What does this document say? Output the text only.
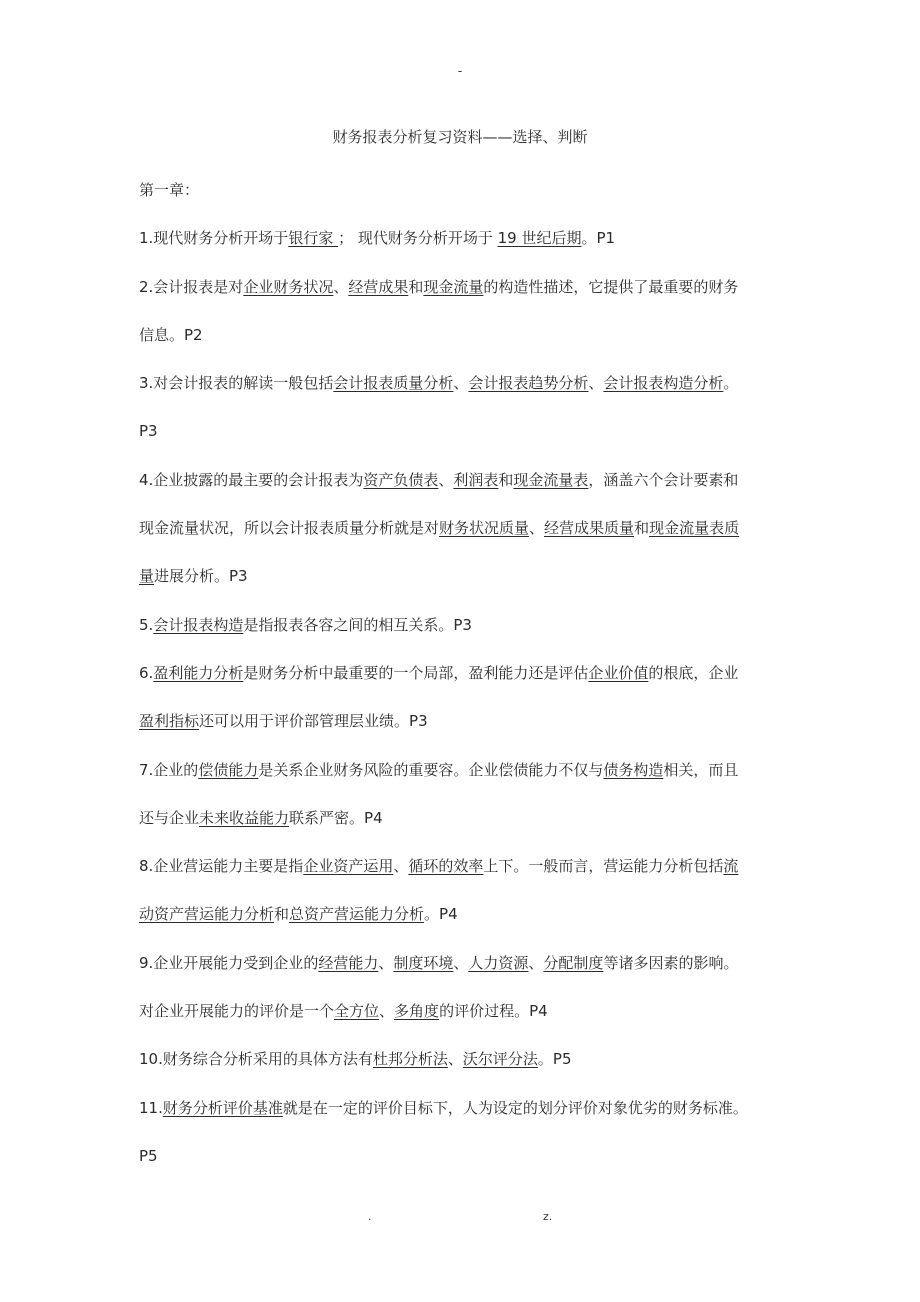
-
财务报表分析复习资料——选择、判断
第一章：
1.现代财务分析开场于银行家 ； 现代财务分析开场于 19 世纪后期。P1
2.会计报表是对企业财务状况、经营成果和现金流量的构造性描述，它提供了最重要的财务
信息。P2
3.对会计报表的解读一般包括会计报表质量分析、会计报表趋势分析、会计报表构造分析。
P3
4.企业披露的最主要的会计报表为资产负债表、利润表和现金流量表，涵盖六个会计要素和
现金流量状况，所以会计报表质量分析就是对财务状况质量、经营成果质量和现金流量表质
量进展分析。P3
5.会计报表构造是指报表各容之间的相互关系。P3
6.盈利能力分析是财务分析中最重要的一个局部，盈利能力还是评估企业价值的根底，企业
盈利指标还可以用于评价部管理层业绩。P3
7.企业的偿债能力是关系企业财务风险的重要容。企业偿债能力不仅与债务构造相关，而且
还与企业未来收益能力联系严密。P4
8.企业营运能力主要是指企业资产运用、循环的效率上下。一般而言，营运能力分析包括流
动资产营运能力分析和总资产营运能力分析。P4
9.企业开展能力受到企业的经营能力、制度环境、人力资源、分配制度等诸多因素的影响。
对企业开展能力的评价是一个全方位、多角度的评价过程。P4
10.财务综合分析采用的具体方法有杜邦分析法、沃尔评分法。P5
11.财务分析评价基准就是在一定的评价目标下，人为设定的划分评价对象优劣的财务标准。
P5
.	z.
